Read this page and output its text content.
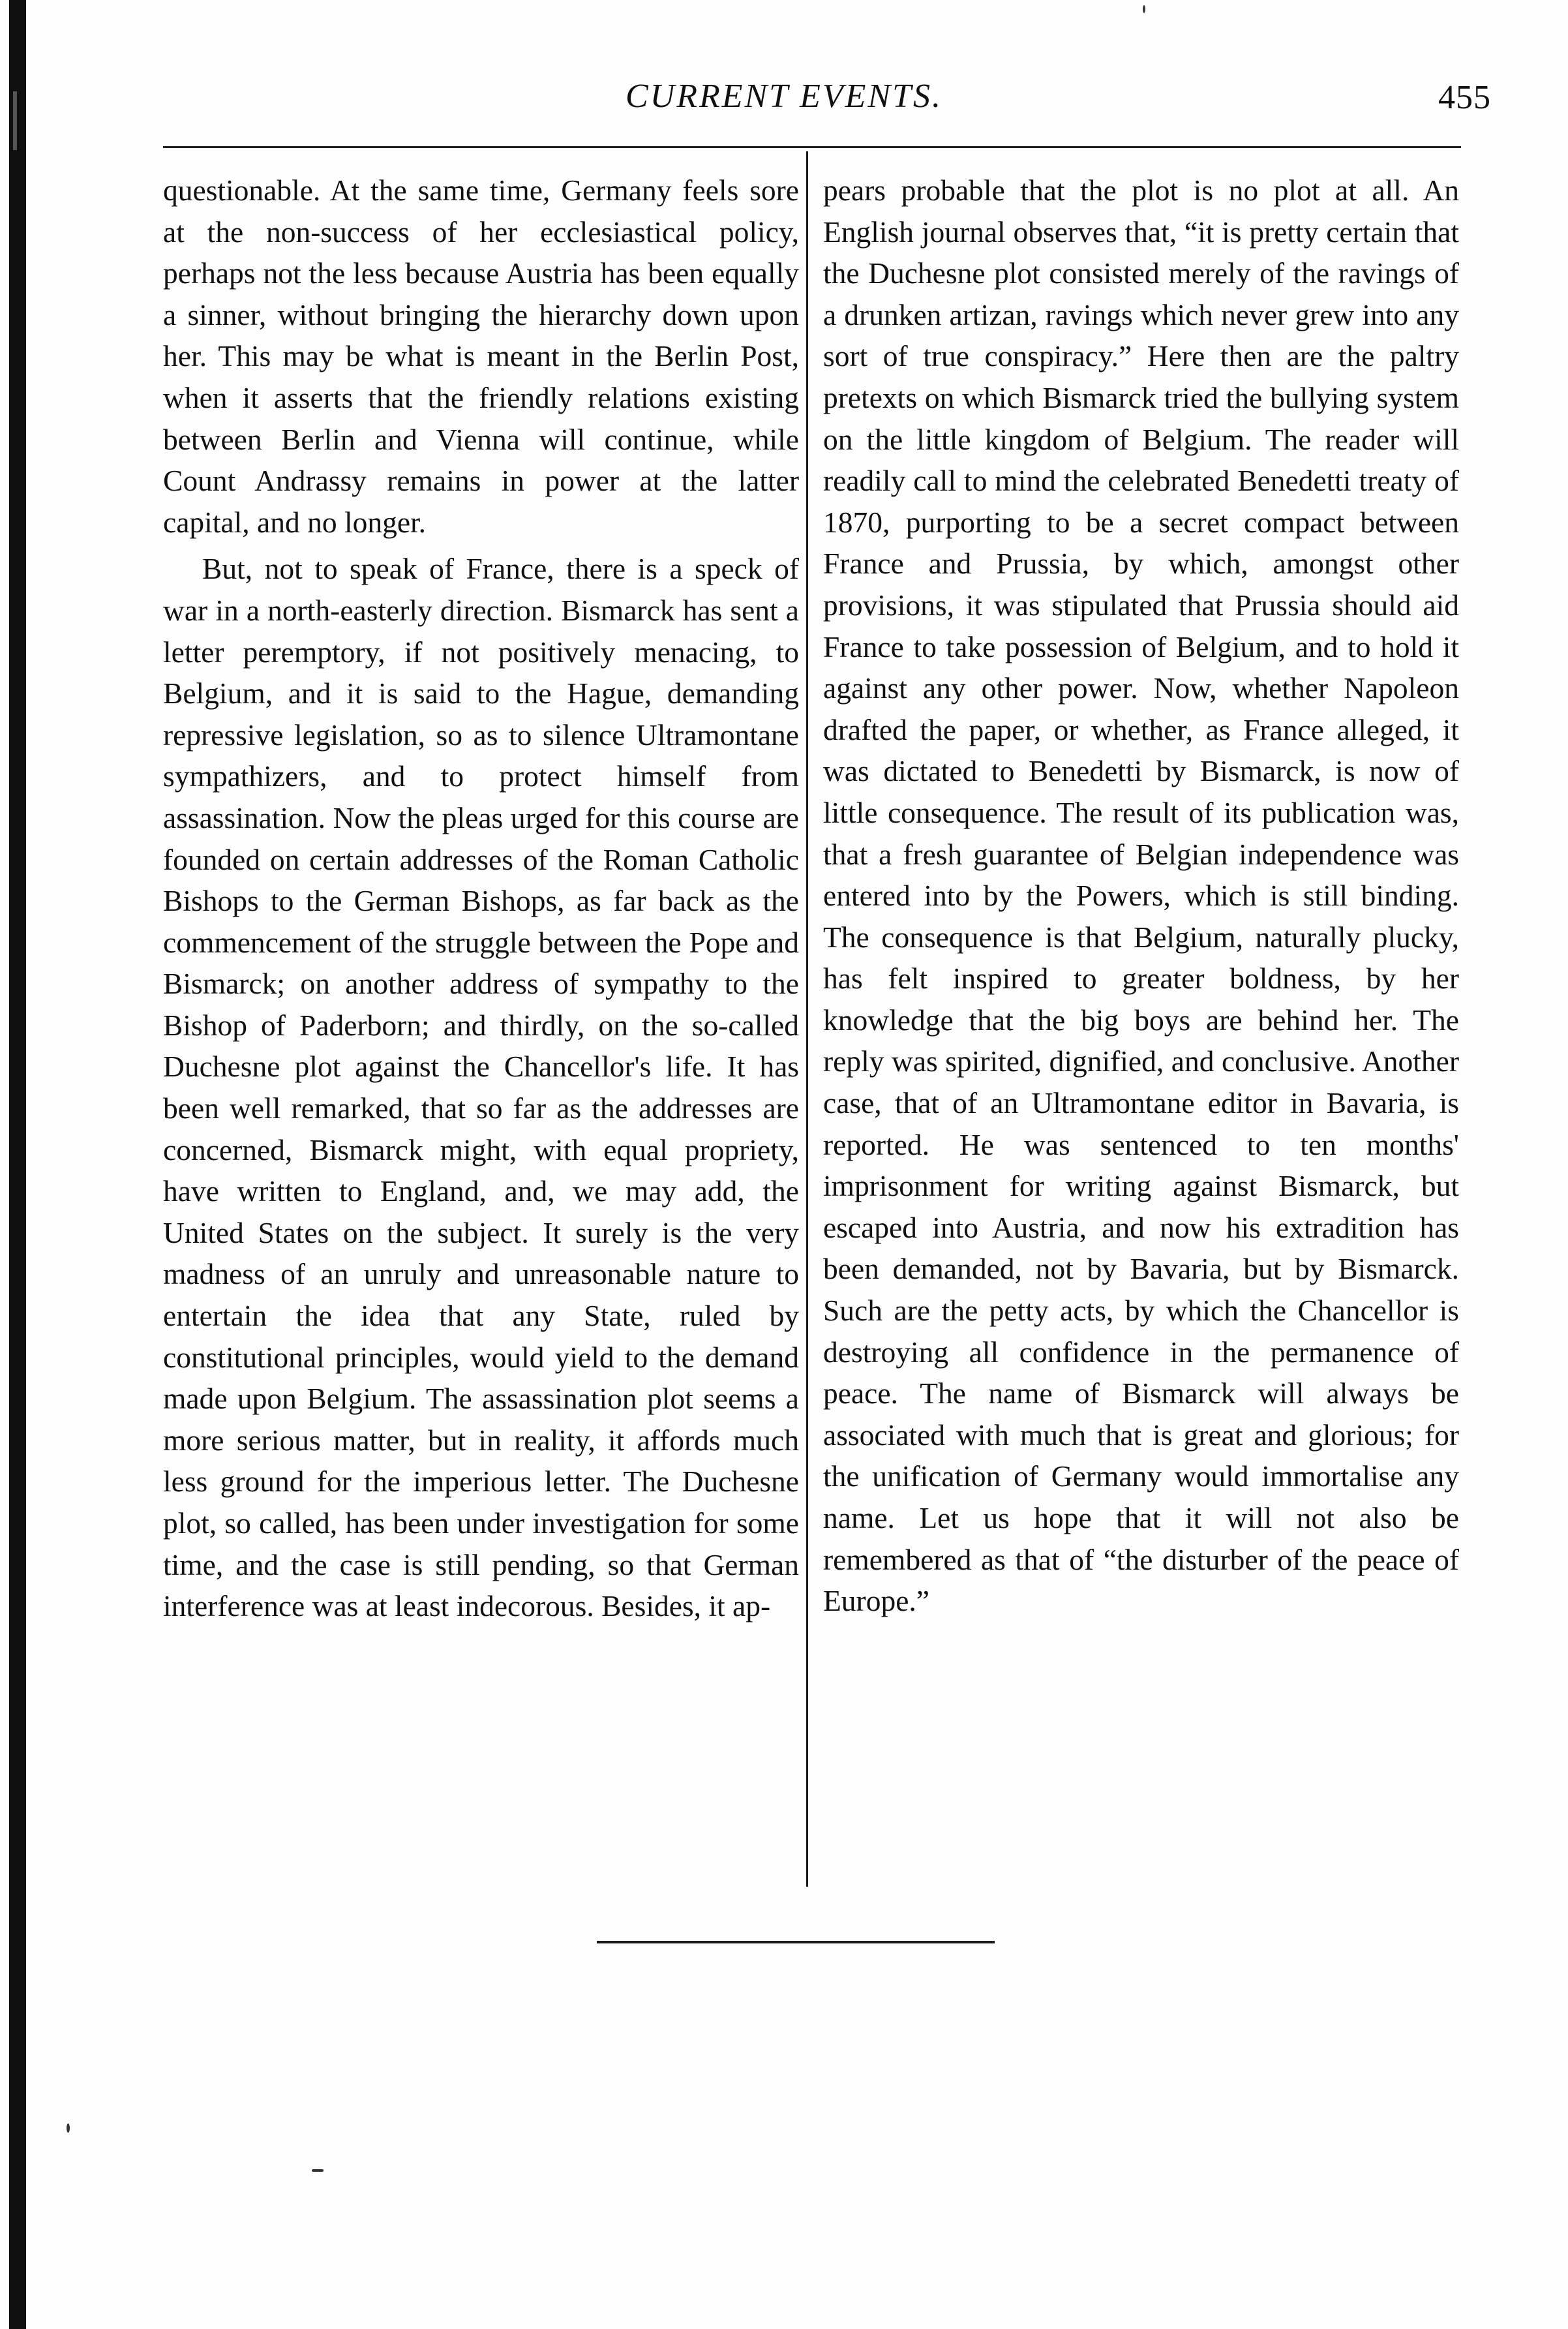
CURRENT EVENTS.	455

questionable. At the same time, Germany feels sore at the non-success of her ecclesiastical policy, perhaps not the less because Austria has been equally a sinner, without bringing the hierarchy down upon her. This may be what is meant in the Berlin Post, when it asserts that the friendly relations existing between Berlin and Vienna will continue, while Count Andrassy remains in power at the latter capital, and no longer.

But, not to speak of France, there is a speck of war in a north-easterly direction. Bismarck has sent a letter peremptory, if not positively menacing, to Belgium, and it is said to the Hague, demanding repressive legislation, so as to silence Ultramontane sympathizers, and to protect himself from assassination. Now the pleas urged for this course are founded on certain addresses of the Roman Catholic Bishops to the German Bishops, as far back as the commencement of the struggle between the Pope and Bismarck; on another address of sympathy to the Bishop of Paderborn; and thirdly, on the so-called Duchesne plot against the Chancellor's life. It has been well remarked, that so far as the addresses are concerned, Bismarck might, with equal propriety, have written to England, and, we may add, the United States on the subject. It surely is the very madness of an unruly and unreasonable nature to entertain the idea that any State, ruled by constitutional principles, would yield to the demand made upon Belgium. The assassination plot seems a more serious matter, but in reality, it affords much less ground for the imperious letter. The Duchesne plot, so called, has been under investigation for some time, and the case is still pending, so that German interference was at least indecorous. Besides, it ap-

pears probable that the plot is no plot at all. An English journal observes that, “it is pretty certain that the Duchesne plot consisted merely of the ravings of a drunken artizan, ravings which never grew into any sort of true conspiracy.” Here then are the paltry pretexts on which Bismarck tried the bullying system on the little kingdom of Belgium. The reader will readily call to mind the celebrated Benedetti treaty of 1870, purporting to be a secret compact between France and Prussia, by which, amongst other provisions, it was stipulated that Prussia should aid France to take possession of Belgium, and to hold it against any other power. Now, whether Napoleon drafted the paper, or whether, as France alleged, it was dictated to Benedetti by Bismarck, is now of little consequence. The result of its publication was, that a fresh guarantee of Belgian independence was entered into by the Powers, which is still binding. The consequence is that Belgium, naturally plucky, has felt inspired to greater boldness, by her knowledge that the big boys are behind her. The reply was spirited, dignified, and conclusive. Another case, that of an Ultramontane editor in Bavaria, is reported. He was sentenced to ten months' imprisonment for writing against Bismarck, but escaped into Austria, and now his extradition has been demanded, not by Bavaria, but by Bismarck. Such are the petty acts, by which the Chancellor is destroying all confidence in the permanence of peace. The name of Bismarck will always be associated with much that is great and glorious; for the unification of Germany would immortalise any name. Let us hope that it will not also be remembered as that of “the disturber of the peace of Europe.”
